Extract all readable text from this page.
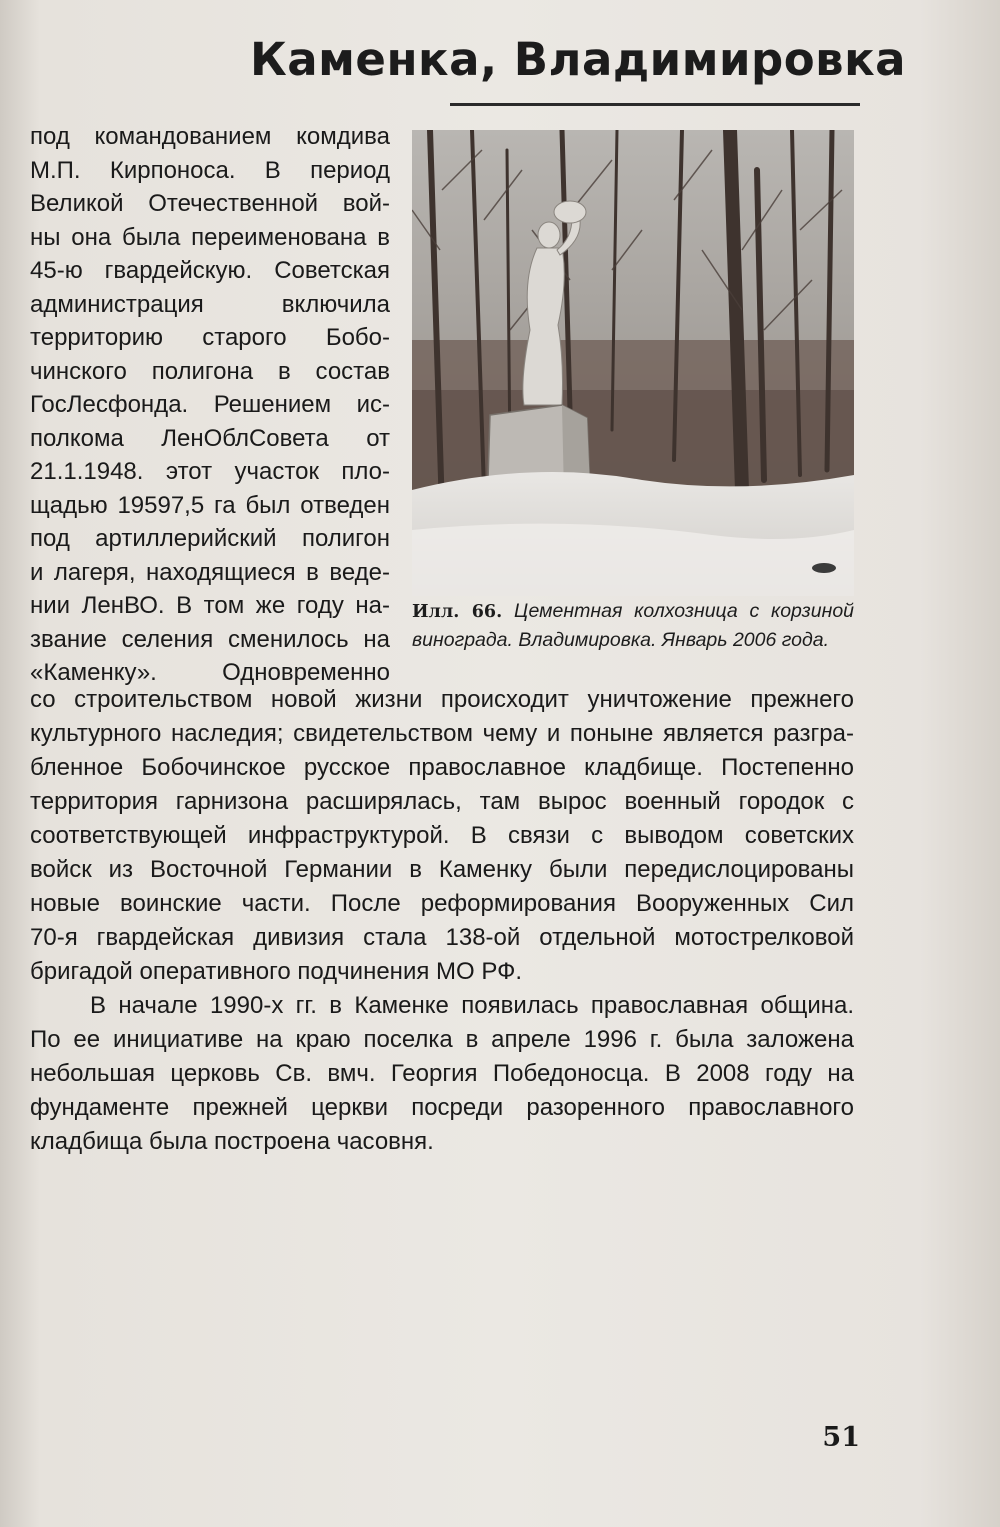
Каменка, Владимировка
под командованием комдива
М.П. Кирпоноса. В период
Великой Отечественной вой-
ны она была переименована в
45-ю гвардейскую. Советская
администрация включила
территорию старого Бобо-
чинского полигона в состав
ГосЛесфонда. Решением ис-
полкома ЛенОблСовета от
21.1.1948. этот участок пло-
щадью 19597,5 га был отведен
под артиллерийский полигон
и лагеря, находящиеся в веде-
нии ЛенВО. В том же году на-
звание селения сменилось на
«Каменку». Одновременно
Илл. 66. Цементная колхозница с корзиной винограда. Владимировка. Январь 2006 года.
со строительством новой жизни происходит уничтожение прежнего
культурного наследия; свидетельством чему и поныне является разгра-
бленное Бобочинское русское православное кладбище. Постепенно
территория гарнизона расширялась, там вырос военный городок с
соответствующей инфраструктурой. В связи с выводом советских
войск из Восточной Германии в Каменку были передислоцированы
новые воинские части. После реформирования Вооруженных Сил
70-я гвардейская дивизия стала 138-ой отдельной мотострелковой
бригадой оперативного подчинения МО РФ.
В начале 1990-х гг. в Каменке появилась православная община.
По ее инициативе на краю поселка в апреле 1996 г. была заложена
небольшая церковь Св. вмч. Георгия Победоносца. В 2008 году на
фундаменте прежней церкви посреди разоренного православного
кладбища была построена часовня.
51
